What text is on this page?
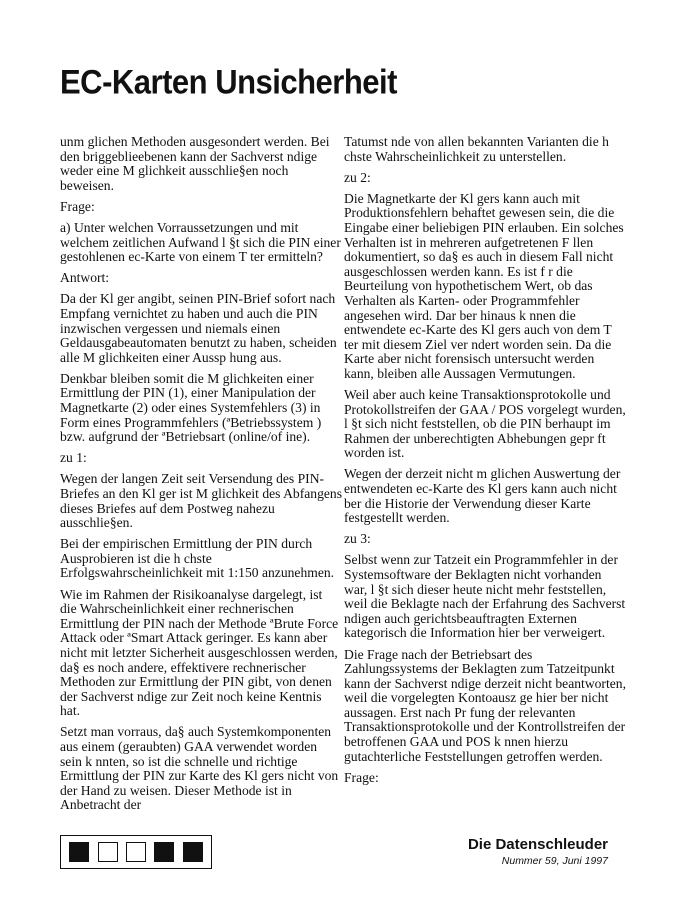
EC-Karten Unsicherheit

unm glichen Methoden ausgesondert werden. Bei den briggeblieebenen kann der Sachverst ndige weder eine M glichkeit ausschlie§en noch beweisen.

Frage:

a) Unter welchen Vorraussetzungen und mit welchem zeitlichen Aufwand l §t sich die PIN einer gestohlenen ec-Karte von einem T ter ermitteln?

Antwort:

Da der Kl ger angibt, seinen PIN-Brief sofort nach Empfang vernichtet zu haben und auch die PIN inzwischen vergessen und niemals einen Geldausgabeautomaten benutzt zu haben, scheiden alle M glichkeiten einer Aussp hung aus.

Denkbar bleiben somit die M glichkeiten einer Ermittlung der PIN (1), einer Manipulation der Magnetkarte (2) oder eines Systemfehlers (3) in Form eines Programmfehlers (ªBetriebssystem ) bzw. aufgrund der ªBetriebsart (online/of ine).

zu 1:

Wegen der langen Zeit seit Versendung des PIN-Briefes an den Kl ger ist M glichkeit des Abfangens dieses Briefes auf dem Postweg nahezu ausschlie§en.

Bei der empirischen Ermittlung der PIN durch Ausprobieren ist die h chste Erfolgswahrscheinlichkeit mit 1:150 anzunehmen.

Wie im Rahmen der Risikoanalyse dargelegt, ist die Wahrscheinlichkeit einer rechnerischen Ermittlung der PIN nach der Methode ªBrute Force Attack oder ªSmart Attack geringer. Es kann aber nicht mit letzter Sicherheit ausgeschlossen werden, da§ es noch andere, effektivere rechnerischer Methoden zur Ermittlung der PIN gibt, von denen der Sachverst ndige zur Zeit noch keine Kentnis hat.

Setzt man vorraus, da§ auch Systemkomponenten aus einem (geraubten) GAA verwendet worden sein k nnten, so ist die schnelle und richtige Ermittlung der PIN zur Karte des Kl gers nicht von der Hand zu weisen. Dieser Methode ist in Anbetracht der

Tatumst nde von allen bekannten Varianten die h chste Wahrscheinlichkeit zu unterstellen.

zu 2:

Die Magnetkarte der Kl gers kann auch mit Produktionsfehlern behaftet gewesen sein, die die Eingabe einer beliebigen PIN erlauben. Ein solches Verhalten ist in mehreren aufgetretenen F llen dokumentiert, so da§ es auch in diesem Fall nicht ausgeschlossen werden kann. Es ist f r die Beurteilung von hypothetischem Wert, ob das Verhalten als Karten- oder Programmfehler angesehen wird. Dar ber hinaus k nnen die entwendete ec-Karte des Kl gers auch von dem T ter mit diesem Ziel ver ndert worden sein. Da die Karte aber nicht forensisch untersucht werden kann, bleiben alle Aussagen Vermutungen.

Weil aber auch keine Transaktionsprotokolle und Protokollstreifen der GAA / POS vorgelegt wurden, l §t sich nicht feststellen, ob die PIN berhaupt im Rahmen der unberechtigten Abhebungen gepr ft worden ist.

Wegen der derzeit nicht m glichen Auswertung der entwendeten ec-Karte des Kl gers kann auch nicht ber die Historie der Verwendung dieser Karte festgestellt werden.

zu 3:

Selbst wenn zur Tatzeit ein Programmfehler in der Systemsoftware der Beklagten nicht vorhanden war, l §t sich dieser heute nicht mehr feststellen, weil die Beklagte nach der Erfahrung des Sachverst ndigen auch gerichtsbeauftragten Externen kategorisch die Information hier ber verweigert.

Die Frage nach der Betriebsart des Zahlungssystems der Beklagten zum Tatzeitpunkt kann der Sachverst ndige derzeit nicht beantworten, weil die vorgelegten Kontoausz ge hier ber nicht aussagen. Erst nach Pr fung der relevanten Transaktionsprotokolle und der Kontrollstreifen der betroffenen GAA und POS k nnen hierzu gutachterliche Feststellungen getroffen werden.

Frage:

Die Datenschleuder
Nummer 59, Juni 1997
